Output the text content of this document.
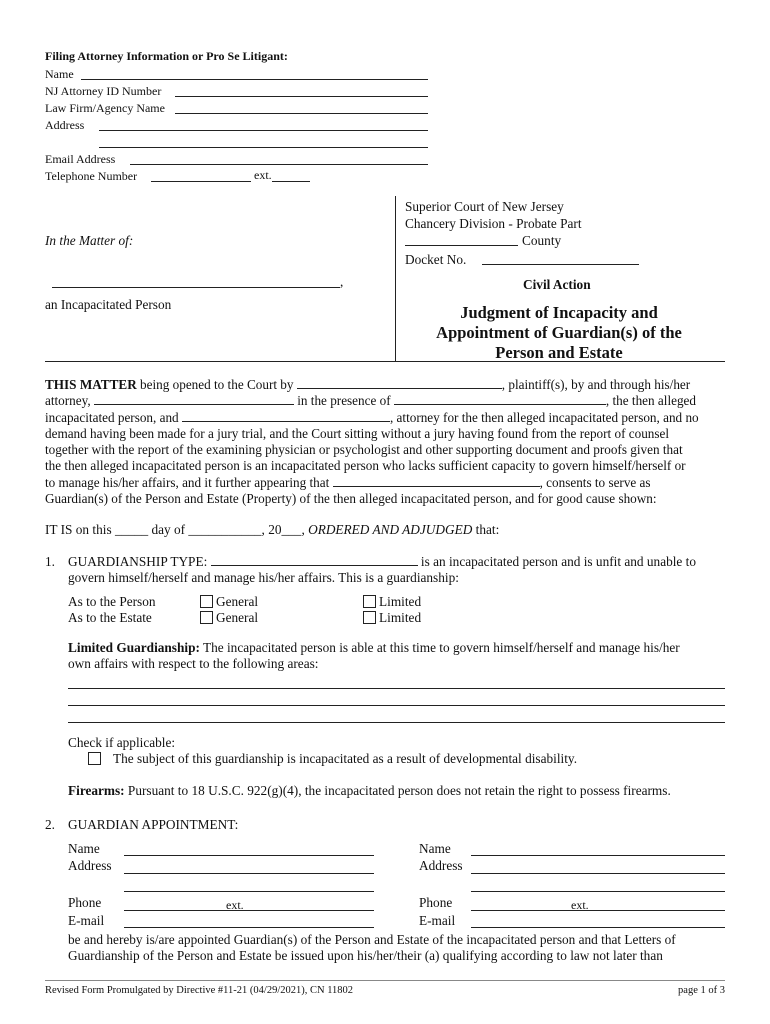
Filing Attorney Information or Pro Se Litigant:
Name
NJ Attorney ID Number
Law Firm/Agency Name
Address
Email Address
Telephone Number	ext.
In the Matter of:
,
an Incapacitated Person
Superior Court of New Jersey
Chancery Division - Probate Part
County
Docket No.
Civil Action
Judgment of Incapacity and
Appointment of Guardian(s) of the
Person and Estate

THIS MATTER being opened to the Court by	, plaintiff(s), by and through his/her

attorney,	in the presence of	, the then alleged

incapacitated person, and	, attorney for the then alleged incapacitated person, and no

demand having been made for a jury trial, and the Court sitting without a jury having found from the report of counsel

together with the report of the examining physician or psychologist and other supporting document and proofs given that

the then alleged incapacitated person is an incapacitated person who lacks sufficient capacity to govern himself/herself or

to manage his/her affairs, and it further appearing that	, consents to serve as

Guardian(s) of the Person and Estate (Property) of the then alleged incapacitated person, and for good cause shown:

IT IS on this _____ day of ___________, 20___, ORDERED AND ADJUDGED that:
1. GUARDIANSHIP TYPE:	is an incapacitated person and is unfit and unable to
govern himself/herself and manage his/her affairs. This is a guardianship:
As to the Person	General	Limited
As to the Estate	General	Limited
Limited Guardianship: The incapacitated person is able at this time to govern himself/herself and manage his/her
own affairs with respect to the following areas:
Check if applicable:
The subject of this guardianship is incapacitated as a result of developmental disability.
Firearms: Pursuant to 18 U.S.C. 922(g)(4), the incapacitated person does not retain the right to possess firearms.
2. GUARDIAN APPOINTMENT:
Name
Address
Phone	ext.
E-mail
Name
Address
Phone	ext.
E-mail
be and hereby is/are appointed Guardian(s) of the Person and Estate of the incapacitated person and that Letters of
Guardianship of the Person and Estate be issued upon his/her/their (a) qualifying according to law not later than
Revised Form Promulgated by Directive #11-21 (04/29/2021), CN 11802	page 1 of 3
